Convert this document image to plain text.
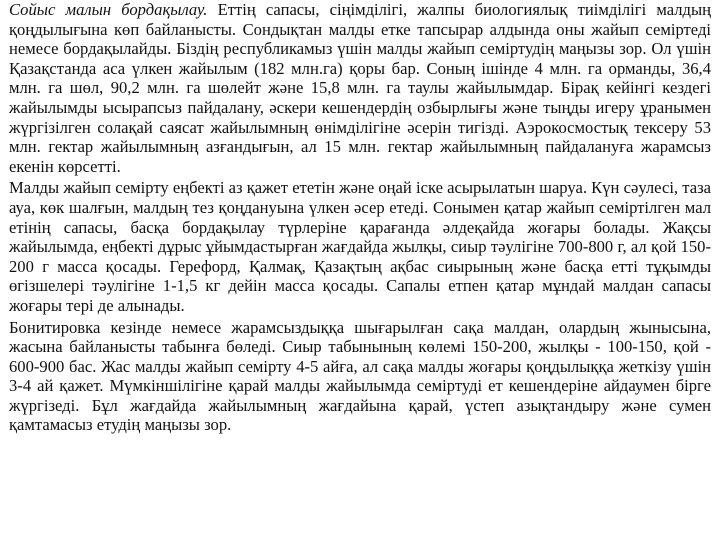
Сойыс малын бордақылау. Еттің сапасы, сіңімділігі, жалпы биологиялық тиімділігі малдың қоңдылығына көп байланысты. Сондықтан малды етке тапсырар алдында оны жайып семіртеді немесе бордақылайды. Біздің республикамыз үшін малды жайып семіртудің маңызы зор. Ол үшін Қазақстанда аса үлкен жайылым (182 млн.га) қоры бар. Соның ішінде 4 млн. га орманды, 36,4 млн. га шөл, 90,2 млн. га шөлейт және 15,8 млн. га таулы жайылымдар. Бірақ кейінгі кездегі жайылымды ысырапсыз пайдалану, әскери кешендердің озбырлығы және тыңды игеру ұранымен жүргізілген солақай саясат жайылымның өнімділігіне әсерін тигізді. Аэрокосмостық тексеру 53 млн. гектар жайылымның азғандығын, ал 15 млн. гектар жайылымның пайдалануға жарамсыз екенін көрсетті.

Малды жайып семірту еңбекті аз қажет ететін және оңай іске асырылатын шаруа. Күн сәулесі, таза ауа, көк шалғын, малдың тез қоңдануына үлкен әсер етеді. Сонымен қатар жайып семіртілген мал етінің сапасы, басқа бордақылау түрлеріне қарағанда әлдеқайда жоғары болады. Жақсы жайылымда, еңбекті дұрыс ұйымдастырған жағдайда жылқы, сиыр тәулігіне 700-800 г, ал қой 150-200 г масса қосады. Герефорд, Қалмақ, Қазақтың ақбас сиырының және басқа етті тұқымды өгізшелері тәулігіне 1-1,5 кг дейін масса қосады. Сапалы етпен қатар мұндай малдан сапасы жоғары тері де алынады.

Бонитировка кезінде немесе жарамсыздыққа шығарылған сақа малдан, олардың жынысына, жасына байланысты табынға бөледі. Сиыр табынының көлемі 150-200, жылқы - 100-150, қой - 600-900 бас. Жас малды жайып семірту 4-5 айға, ал сақа малды жоғары қоңдылыққа жеткізу үшін 3-4 ай қажет. Мүмкіншілігіне қарай малды жайылымда семіртуді ет кешендеріне айдаумен бірге жүргізеді. Бұл жағдайда жайылымның жағдайына қарай, үстеп азықтандыру және сумен қамтамасыз етудің маңызы зор.
